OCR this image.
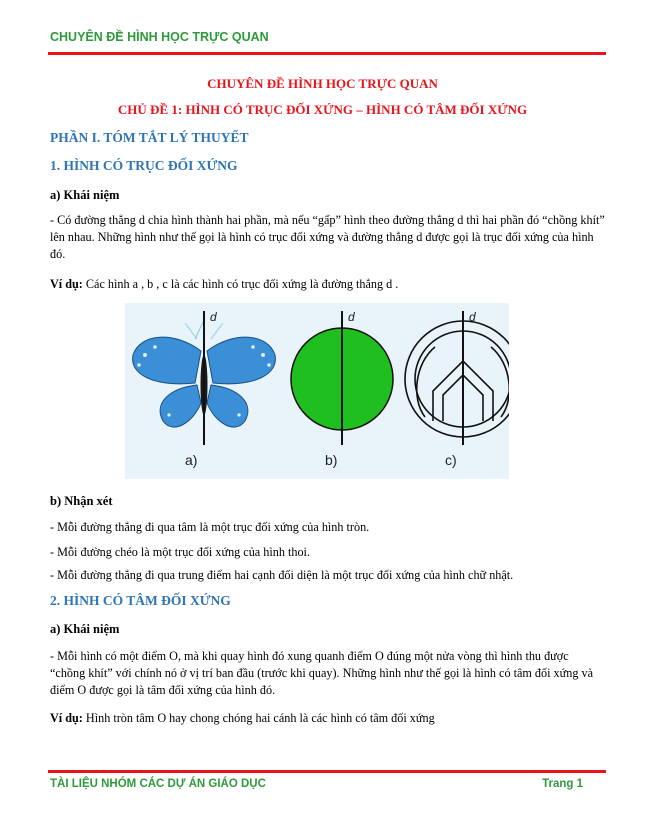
CHUYÊN ĐỀ HÌNH HỌC TRỰC QUAN
CHUYÊN ĐỀ HÌNH HỌC TRỰC QUAN
CHỦ ĐỀ 1: HÌNH CÓ TRỤC ĐỐI XỨNG – HÌNH CÓ TÂM ĐỐI XỨNG
PHẦN I. TÓM TẮT LÝ THUYẾT
1. HÌNH CÓ TRỤC ĐỐI XỨNG
a) Khái niệm

- Có đường thẳng d chia hình thành hai phần, mà nếu “gấp” hình theo đường thẳng d thì hai phần đó “chồng khít” lên nhau. Những hình như thế gọi là hình có trục đối xứng và đường thẳng d được gọi là trục đối xứng của hình đó.

Ví dụ: Các hình a , b , c là các hình có trục đối xứng là đường thẳng d .
d
a)
d
b)
d
c)
b) Nhận xét
- Mỗi đường thẳng đi qua tâm là một trục đối xứng của hình tròn.
- Mỗi đường chéo là một trục đối xứng của hình thoi.
- Mỗi đường thẳng đi qua trung điểm hai cạnh đối diện là một trục đối xứng của hình chữ nhật.
2. HÌNH CÓ TÂM ĐỐI XỨNG
a) Khái niệm

- Mỗi hình có một điểm O, mà khi quay hình đó xung quanh điểm O đúng một nửa vòng thì hình thu được “chồng khít” với chính nó ở vị trí ban đầu (trước khi quay). Những hình như thế gọi là hình có tâm đối xứng và điểm O được gọi là tâm đối xứng của hình đó.

Ví dụ: Hình tròn tâm O hay chong chóng hai cánh là các hình có tâm đối xứng
TÀI LIỆU NHÓM CÁC DỰ ÁN GIÁO DỤC	Trang 1
